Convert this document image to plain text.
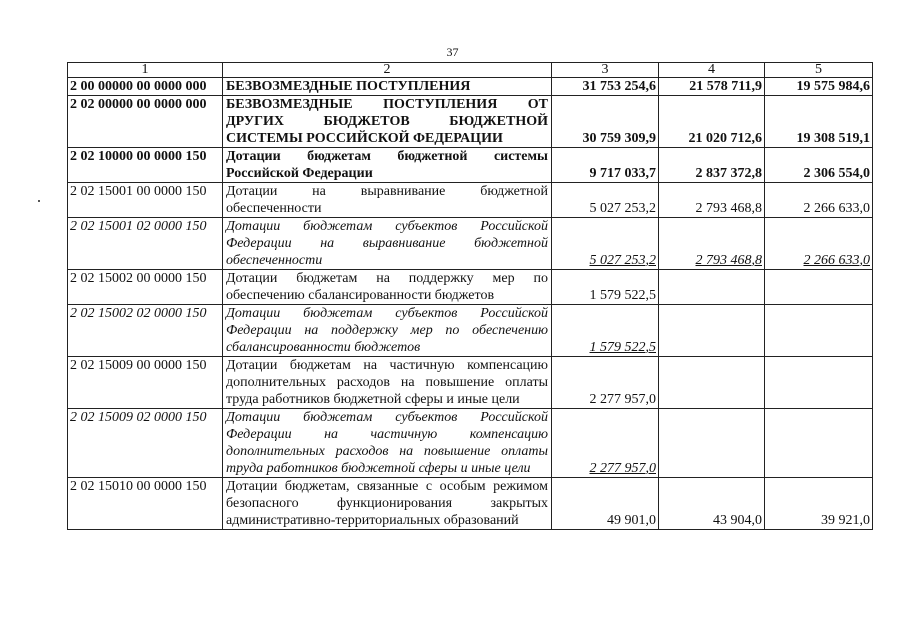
37
1	2	3	4	5
2 00 00000 00 0000 000	БЕЗВОЗМЕЗДНЫЕ ПОСТУПЛЕНИЯ	31 753 254,6	21 578 711,9	19 575 984,6
2 02 00000 00 0000 000	БЕЗВОЗМЕЗДНЫЕ ПОСТУПЛЕНИЯ ОТ ДРУГИХ БЮДЖЕТОВ БЮДЖЕТНОЙ СИСТЕМЫ РОССИЙСКОЙ ФЕДЕРАЦИИ	30 759 309,9	21 020 712,6	19 308 519,1
2 02 10000 00 0000 150	Дотации бюджетам бюджетной системы Российской Федерации	9 717 033,7	2 837 372,8	2 306 554,0
2 02 15001 00 0000 150	Дотации на выравнивание бюджетной обеспеченности	5 027 253,2	2 793 468,8	2 266 633,0
2 02 15001 02 0000 150	Дотации бюджетам субъектов Российской Федерации на выравнивание бюджетной обеспеченности	5 027 253,2	2 793 468,8	2 266 633,0
2 02 15002 00 0000 150	Дотации бюджетам на поддержку мер по обеспечению сбалансированности бюджетов	1 579 522,5		
2 02 15002 02 0000 150	Дотации бюджетам субъектов Российской Федерации на поддержку мер по обеспечению сбалансированности бюджетов	1 579 522,5		
2 02 15009 00 0000 150	Дотации бюджетам на частичную компенсацию дополнительных расходов на повышение оплаты труда работников бюджетной сферы и иные цели	2 277 957,0		
2 02 15009 02 0000 150	Дотации бюджетам субъектов Российской Федерации на частичную компенсацию дополнительных расходов на повышение оплаты труда работников бюджетной сферы и иные цели	2 277 957,0		
2 02 15010 00 0000 150	Дотации бюджетам, связанные с особым режимом безопасного функционирования закрытых административно-территориальных образований	49 901,0	43 904,0	39 921,0
